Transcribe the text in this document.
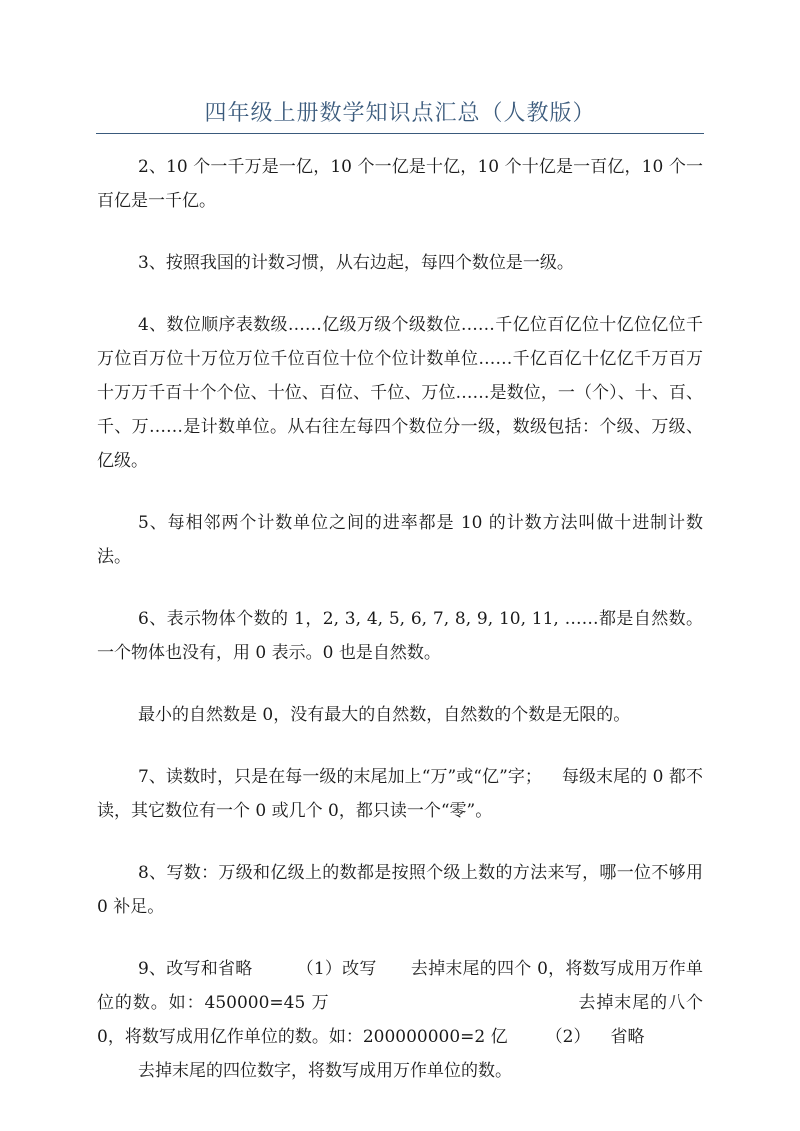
四年级上册数学知识点汇总（人教版）

2、10 个一千万是一亿，10 个一亿是十亿，10 个十亿是一百亿，10 个一百亿是一千亿。

3、按照我国的计数习惯，从右边起，每四个数位是一级。

4、数位顺序表数级……亿级万级个级数位……千亿位百亿位十亿位亿位千万位百万位十万位万位千位百位十位个位计数单位……千亿百亿十亿亿千万百万十万万千百十个个位、十位、百位、千位、万位……是数位，一（个）、十、百、千、万……是计数单位。从右往左每四个数位分一级，数级包括：个级、万级、亿级。

5、每相邻两个计数单位之间的进率都是 10 的计数方法叫做十进制计数法。

6、表示物体个数的 1，2, 3, 4, 5, 6, 7, 8, 9, 10, 11, ……都是自然数。一个物体也没有，用 0 表示。0 也是自然数。

最小的自然数是 0，没有最大的自然数，自然数的个数是无限的。

7、读数时，只是在每一级的末尾加上“万”或“亿”字； 每级末尾的 0 都不读，其它数位有一个 0 或几个 0，都只读一个“零”。

8、写数：万级和亿级上的数都是按照个级上数的方法来写，哪一位不够用 0 补足。

9、改写和省略	（1）改写 去掉末尾的四个 0，将数写成用万作单位的数。如：450000=45 万	去掉末尾的八个 0，将数写成用亿作单位的数。如：200000000=2 亿 （2） 省略
去掉末尾的四位数字，将数写成用万作单位的数。
